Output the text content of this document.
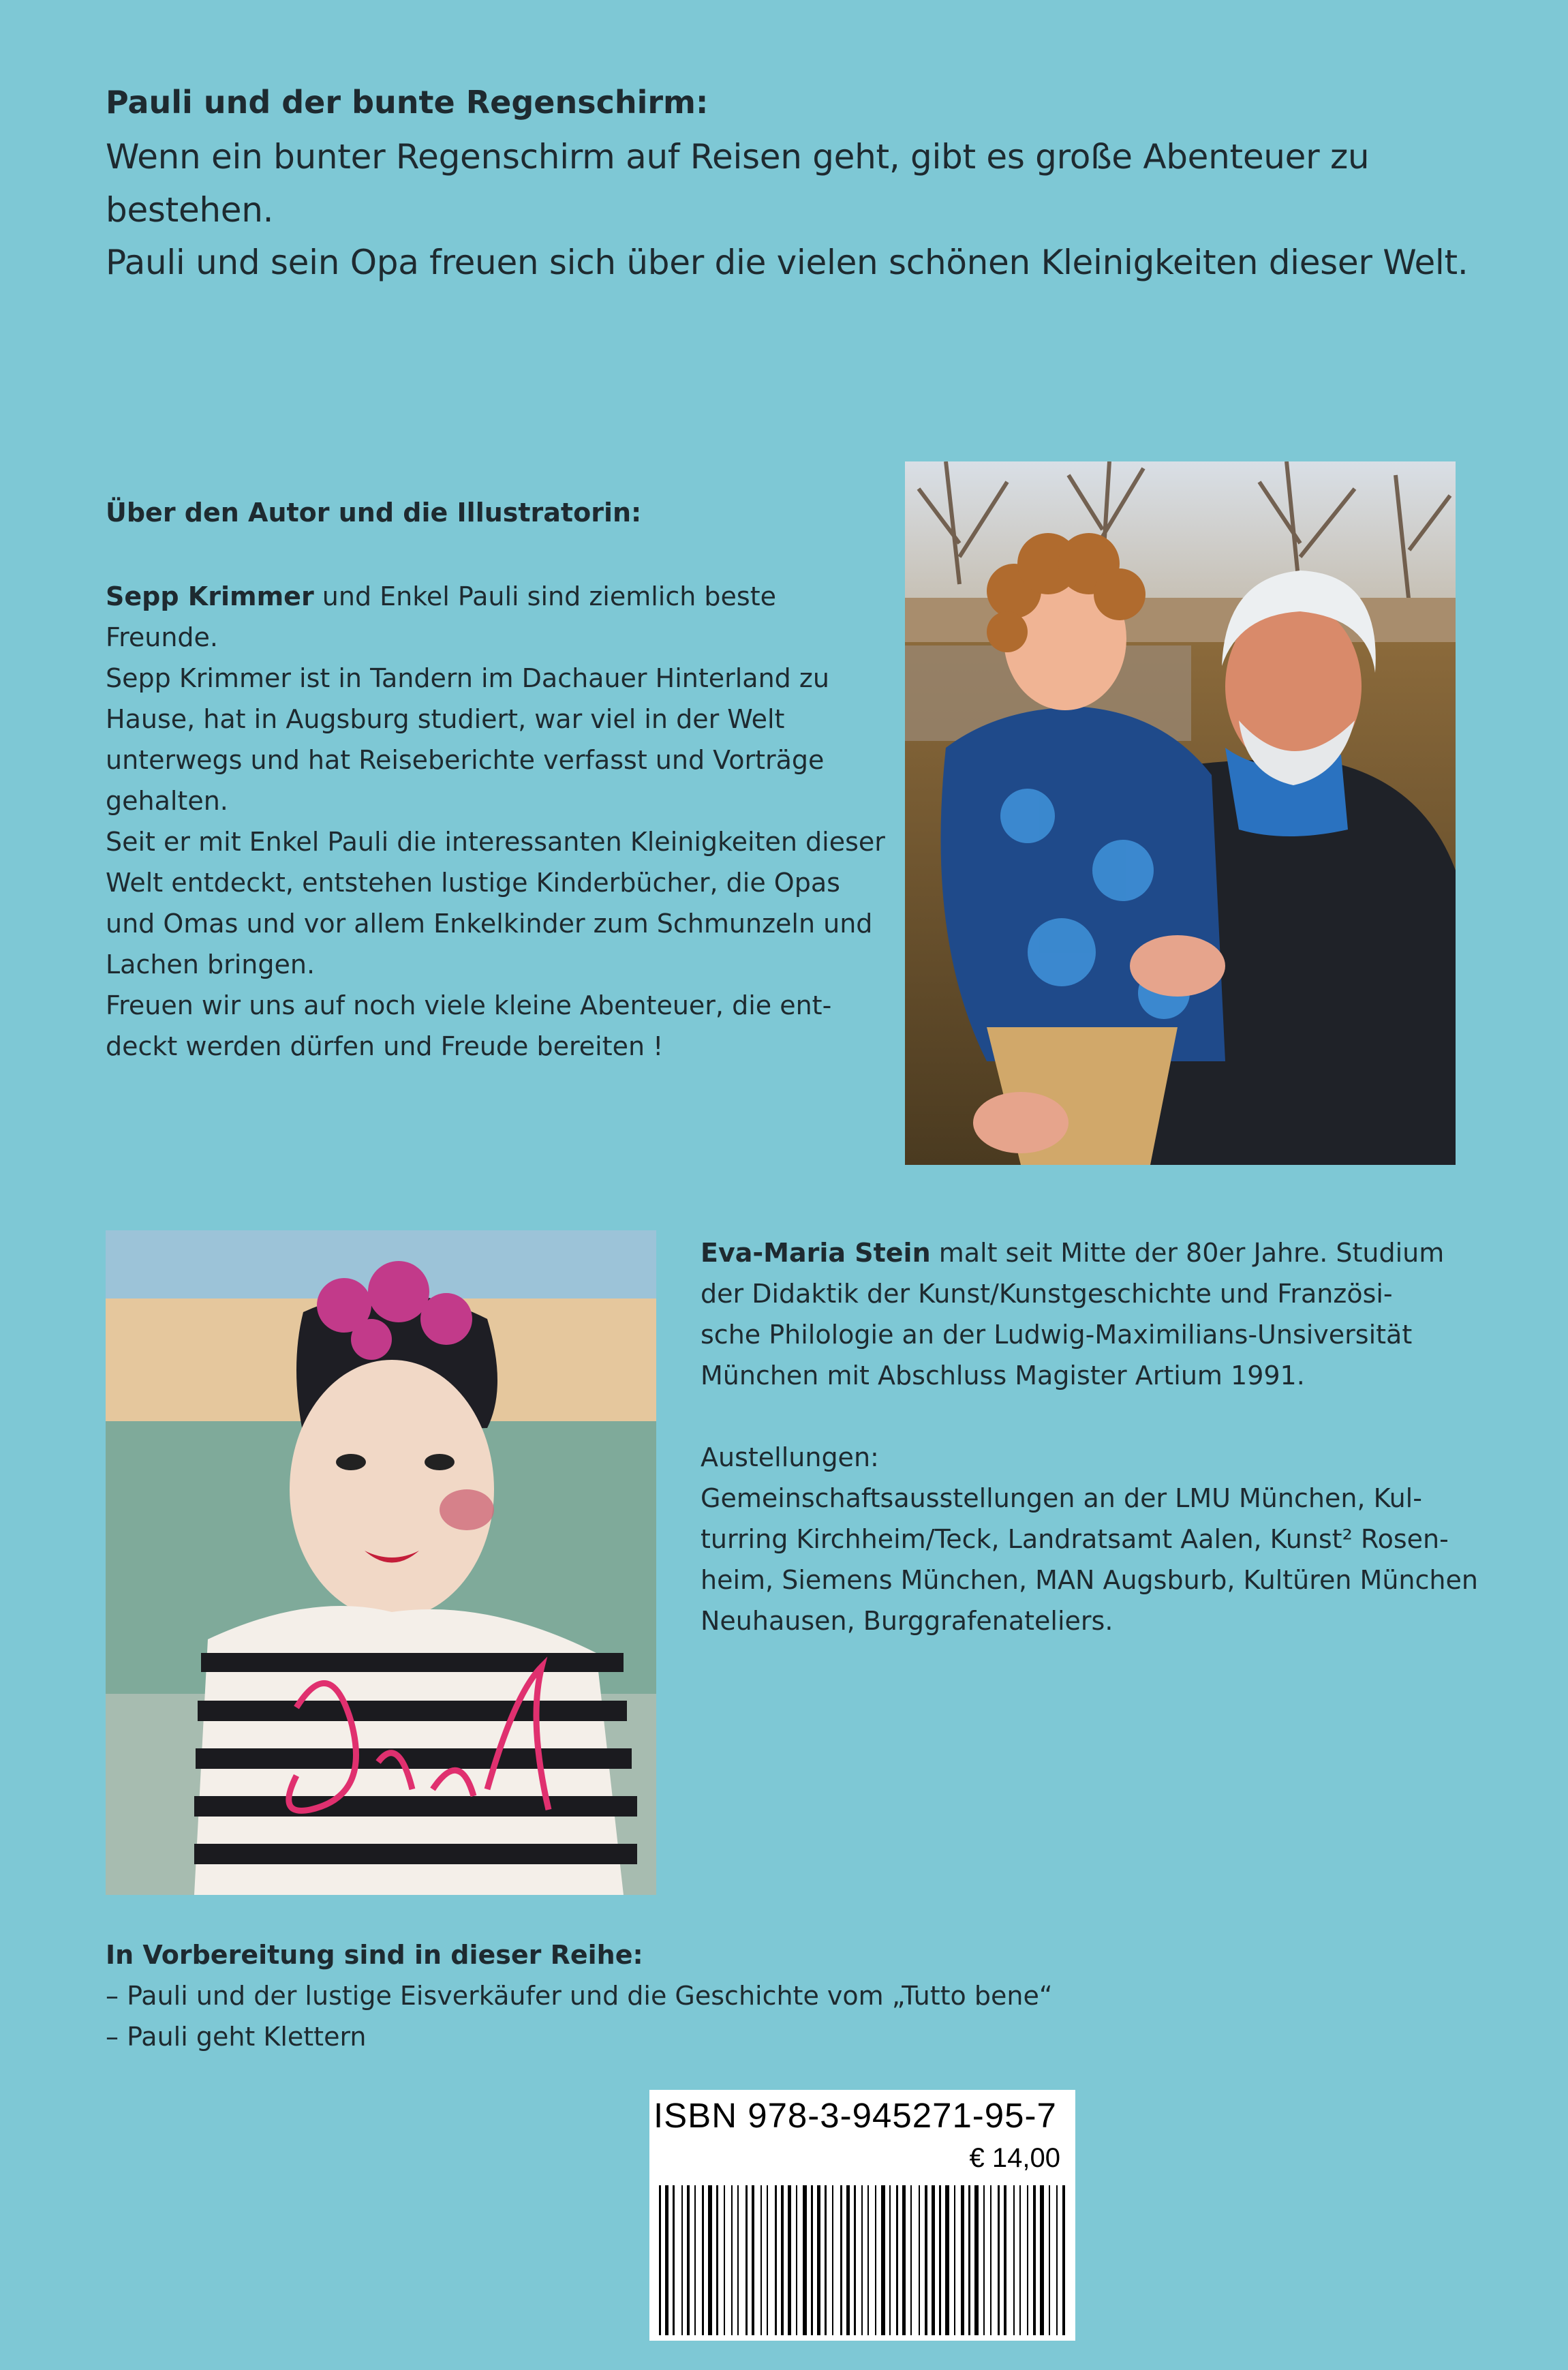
Pauli und der bunte Regenschirm:

Wenn ein bunter Regenschirm auf Reisen geht, gibt es große Abenteuer zu bestehen.

Pauli und sein Opa freuen sich über die vielen schönen Kleinigkeiten dieser Welt.

Über den Autor und die Illustratorin:

Sepp Krimmer und Enkel Pauli sind ziemlich beste Freunde.

Sepp Krimmer ist in Tandern im Dachauer Hinterland zu

Hause, hat in Augsburg studiert, war viel in der Welt

unterwegs und hat Reiseberichte verfasst und Vorträge

gehalten.

Seit er mit Enkel Pauli die interessanten Kleinigkeiten dieser

Welt entdeckt, entstehen lustige Kinderbücher, die Opas

und Omas und vor allem Enkelkinder zum Schmunzeln und

Lachen bringen.

Freuen wir uns auf noch viele kleine Abenteuer, die ent-

deckt werden dürfen und Freude bereiten !

Eva-Maria Stein malt seit Mitte der 80er Jahre. Studium

der Didaktik der Kunst/Kunstgeschichte und Französi-

sche Philologie an der Ludwig-Maximilians-Unsiversität

München mit Abschluss Magister Artium 1991.

Austellungen:

Gemeinschaftsausstellungen an der LMU München, Kul-

turring Kirchheim/Teck, Landratsamt Aalen, Kunst² Rosen-

heim, Siemens München, MAN Augsburb, Kultüren München

Neuhausen, Burggrafenateliers.

In Vorbereitung sind in dieser Reihe:
– Pauli und der lustige Eisverkäufer und die Geschichte vom „Tutto bene“
– Pauli geht Klettern
ISBN 978-3-945271-95-7
€ 14,00
